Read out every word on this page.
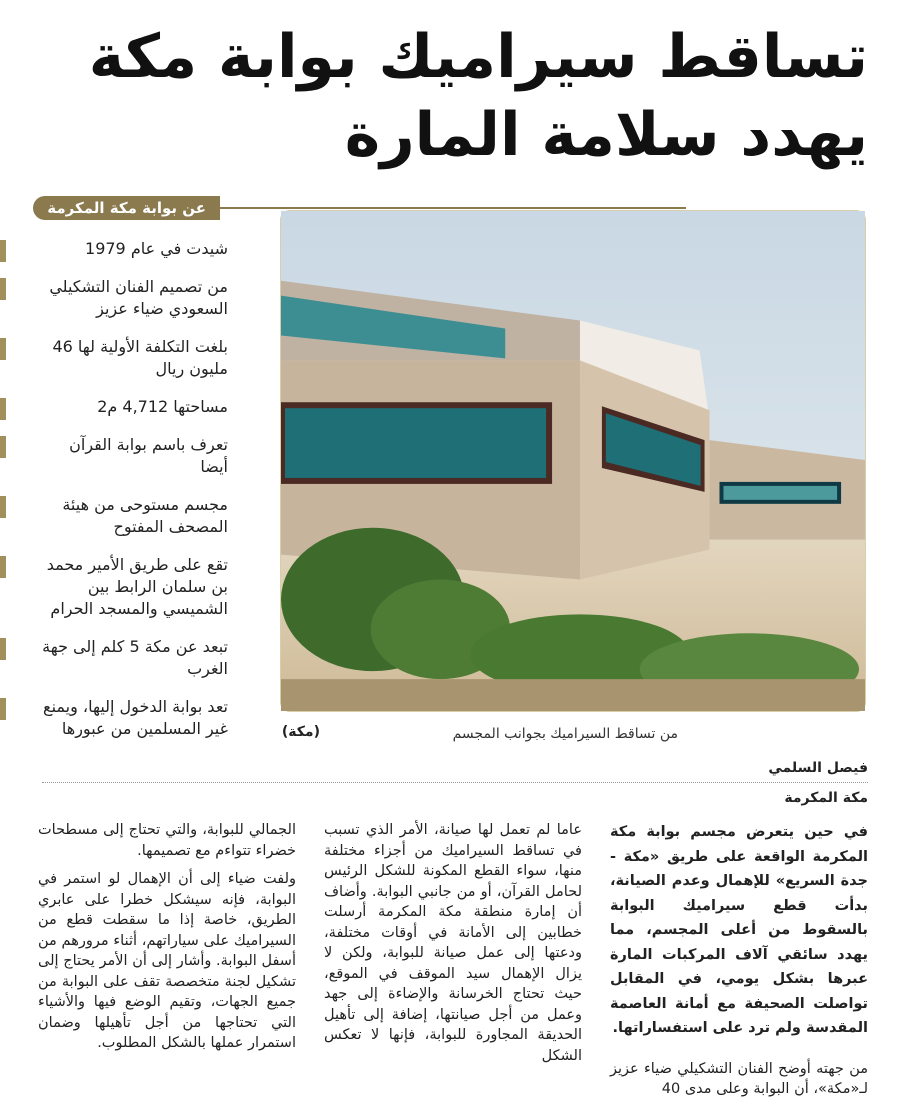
تساقط سيراميك بوابة مكة يهدد سلامة المارة
عن بوابة مكة المكرمة
شيدت في عام 1979
من تصميم الفنان التشكيلي السعودي ضياء عزيز
بلغت التكلفة الأولية لها 46 مليون ريال
مساحتها 4,712 م2
تعرف باسم بوابة القرآن أيضا
مجسم مستوحى من هيئة المصحف المفتوح
تقع على طريق الأمير محمد بن سلمان الرابط بين الشميسي والمسجد الحرام
تبعد عن مكة 5 كلم إلى جهة الغرب
تعد بوابة الدخول إليها، ويمنع غير المسلمين من عبورها	من تساقط السيراميك بجوانب المجسم
(مكة)
فيصل السلمي
مكة المكرمة

في حين يتعرض مجسم بوابة مكة المكرمة الواقعة على طريق «مكة - جدة السريع» للإهمال وعدم الصيانة، بدأت قطع سيراميك البوابة بالسقوط من أعلى المجسم، مما يهدد سائقي آلاف المركبات المارة عبرها بشكل يومي، في المقابل تواصلت الصحيفة مع أمانة العاصمة المقدسة ولم ترد على استفساراتها.

من جهته أوضح الفنان التشكيلي ضياء عزيز لـ«مكة»، أن البوابة وعلى مدى 40

عاما لم تعمل لها صيانة، الأمر الذي تسبب في تساقط السيراميك من أجزاء مختلفة منها، سواء القطع المكونة للشكل الرئيس لحامل القرآن، أو من جانبي البوابة. وأضاف أن إمارة منطقة مكة المكرمة أرسلت خطابين إلى الأمانة في أوقات مختلفة، ودعتها إلى عمل صيانة للبوابة، ولكن لا يزال الإهمال سيد الموقف في الموقع، حيث تحتاج الخرسانة والإضاءة إلى جهد وعمل من أجل صيانتها، إضافة إلى تأهيل الحديقة المجاورة للبوابة، فإنها لا تعكس الشكل

الجمالي للبوابة، والتي تحتاج إلى مسطحات خضراء تتواءم مع تصميمها.

ولفت ضياء إلى أن الإهمال لو استمر في البوابة، فإنه سيشكل خطرا على عابري الطريق، خاصة إذا ما سقطت قطع من السيراميك على سياراتهم، أثناء مرورهم من أسفل البوابة. وأشار إلى أن الأمر يحتاج إلى تشكيل لجنة متخصصة تقف على البوابة من جميع الجهات، وتقيم الوضع فيها والأشياء التي تحتاجها من أجل تأهيلها وضمان استمرار عملها بالشكل المطلوب.
